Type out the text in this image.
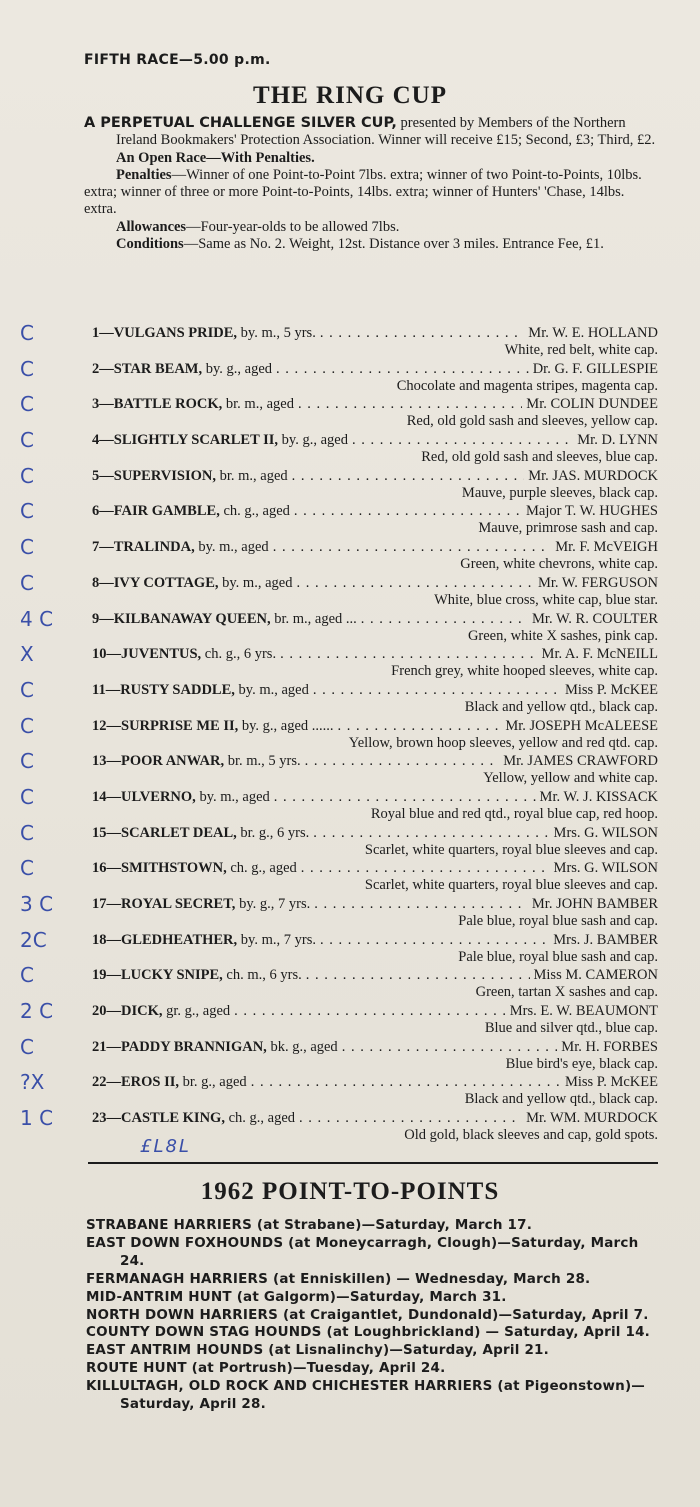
FIFTH RACE—5.00 p.m.
THE RING CUP

A PERPETUAL CHALLENGE SILVER CUP, presented by Members of the Northern Ireland Bookmakers' Protection Association. Winner will receive £15; Second, £3; Third, £2.

An Open Race—With Penalties.

Penalties—Winner of one Point-to-Point 7lbs. extra; winner of two Point-to-Points, 10lbs. extra; winner of three or more Point-to-Points, 14lbs. extra; winner of Hunters' 'Chase, 14lbs. extra.

Allowances—Four-year-olds to be allowed 7lbs.

Conditions—Same as No. 2. Weight, 12st. Distance over 3 miles. Entrance Fee, £1.

C	1—VULGANS PRIDE, by. m., 5 yrs. . . .	Mr. W. E. HOLLAND
White, red belt, white cap.
C	2—STAR BEAM, by. g., aged . . .	Dr. G. F. GILLESPIE
Chocolate and magenta stripes, magenta cap.
C	3—BATTLE ROCK, br. m., aged . . .	Mr. COLIN DUNDEE
Red, old gold sash and sleeves, yellow cap.
C	4—SLIGHTLY SCARLET II, by. g., aged . . .	Mr. D. LYNN
Red, old gold sash and sleeves, blue cap.
C	5—SUPERVISION, br. m., aged . . .	Mr. JAS. MURDOCK
Mauve, purple sleeves, black cap.
C	6—FAIR GAMBLE, ch. g., aged . . .	Major T. W. HUGHES
Mauve, primrose sash and cap.
C	7—TRALINDA, by. m., aged . . .	Mr. F. McVEIGH
Green, white chevrons, white cap.
C	8—IVY COTTAGE, by. m., aged . . .	Mr. W. FERGUSON
White, blue cross, white cap, blue star.
4 C	9—KILBANAWAY QUEEN, br. m., aged ... . . .	Mr. W. R. COULTER
Green, white X sashes, pink cap.
X	10—JUVENTUS, ch. g., 6 yrs. . . .	Mr. A. F. McNEILL
French grey, white hooped sleeves, white cap.
C	11—RUSTY SADDLE, by. m., aged . . .	Miss P. McKEE
Black and yellow qtd., black cap.
C	12—SURPRISE ME II, by. g., aged ...... . . .	Mr. JOSEPH McALEESE
Yellow, brown hoop sleeves, yellow and red qtd. cap.
C	13—POOR ANWAR, br. m., 5 yrs. . . .	Mr. JAMES CRAWFORD
Yellow, yellow and white cap.
C	14—ULVERNO, by. m., aged . . .	Mr. W. J. KISSACK
Royal blue and red qtd., royal blue cap, red hoop.
C	15—SCARLET DEAL, br. g., 6 yrs. . . .	Mrs. G. WILSON
Scarlet, white quarters, royal blue sleeves and cap.
C	16—SMITHSTOWN, ch. g., aged . . .	Mrs. G. WILSON
Scarlet, white quarters, royal blue sleeves and cap.
3 C	17—ROYAL SECRET, by. g., 7 yrs. . . .	Mr. JOHN BAMBER
Pale blue, royal blue sash and cap.
2C	18—GLEDHEATHER, by. m., 7 yrs. . . .	Mrs. J. BAMBER
Pale blue, royal blue sash and cap.
C	19—LUCKY SNIPE, ch. m., 6 yrs. . . .	Miss M. CAMERON
Green, tartan X sashes and cap.
2 C	20—DICK, gr. g., aged . . .	Mrs. E. W. BEAUMONT
Blue and silver qtd., blue cap.
C	21—PADDY BRANNIGAN, bk. g., aged . . .	Mr. H. FORBES
Blue bird's eye, black cap.
?X	22—EROS II, br. g., aged . . .	Miss P. McKEE
Black and yellow qtd., black cap.
1 C	23—CASTLE KING, ch. g., aged . . .	Mr. WM. MURDOCK
Old gold, black sleeves and cap, gold spots.
£L8L
1962 POINT-TO-POINTS

STRABANE HARRIERS (at Strabane)—Saturday, March 17.

EAST DOWN FOXHOUNDS (at Moneycarragh, Clough)—Saturday, March 24.

FERMANAGH HARRIERS (at Enniskillen) — Wednesday, March 28.

MID-ANTRIM HUNT (at Galgorm)—Saturday, March 31.

NORTH DOWN HARRIERS (at Craigantlet, Dundonald)—Saturday, April 7.

COUNTY DOWN STAG HOUNDS (at Loughbrickland) — Saturday, April 14.

EAST ANTRIM HOUNDS (at Lisnalinchy)—Saturday, April 21.

ROUTE HUNT (at Portrush)—Tuesday, April 24.

KILLULTAGH, OLD ROCK AND CHICHESTER HARRIERS (at Pigeonstown)—Saturday, April 28.
